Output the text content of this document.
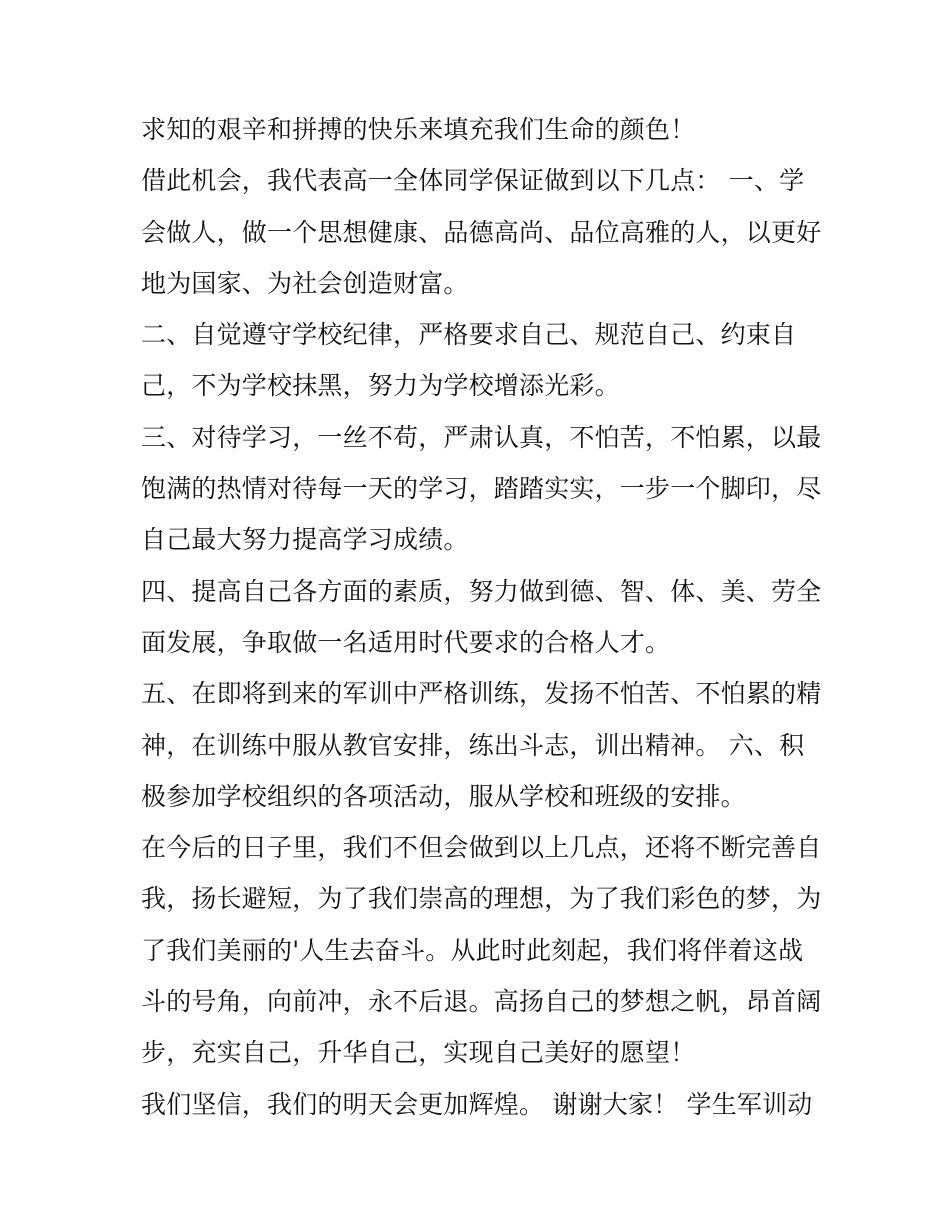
求知的艰辛和拼搏的快乐来填充我们生命的颜色！
借此机会，我代表高一全体同学保证做到以下几点： 一、学
会做人，做一个思想健康、品德高尚、品位高雅的人，以更好
地为国家、为社会创造财富。
二、自觉遵守学校纪律，严格要求自己、规范自己、约束自
己，不为学校抹黑，努力为学校增添光彩。
三、对待学习，一丝不苟，严肃认真，不怕苦，不怕累，以最
饱满的热情对待每一天的学习，踏踏实实，一步一个脚印，尽
自己最大努力提高学习成绩。
四、提高自己各方面的素质，努力做到德、智、体、美、劳全
面发展，争取做一名适用时代要求的合格人才。
五、在即将到来的军训中严格训练，发扬不怕苦、不怕累的精
神，在训练中服从教官安排，练出斗志，训出精神。 六、积
极参加学校组织的各项活动，服从学校和班级的安排。
在今后的日子里，我们不但会做到以上几点，还将不断完善自
我，扬长避短，为了我们崇高的理想，为了我们彩色的梦，为
了我们美丽的'人生去奋斗。从此时此刻起，我们将伴着这战
斗的号角，向前冲，永不后退。高扬自己的梦想之帆，昂首阔
步，充实自己，升华自己，实现自己美好的愿望！
我们坚信，我们的明天会更加辉煌。 谢谢大家！ 学生军训动
